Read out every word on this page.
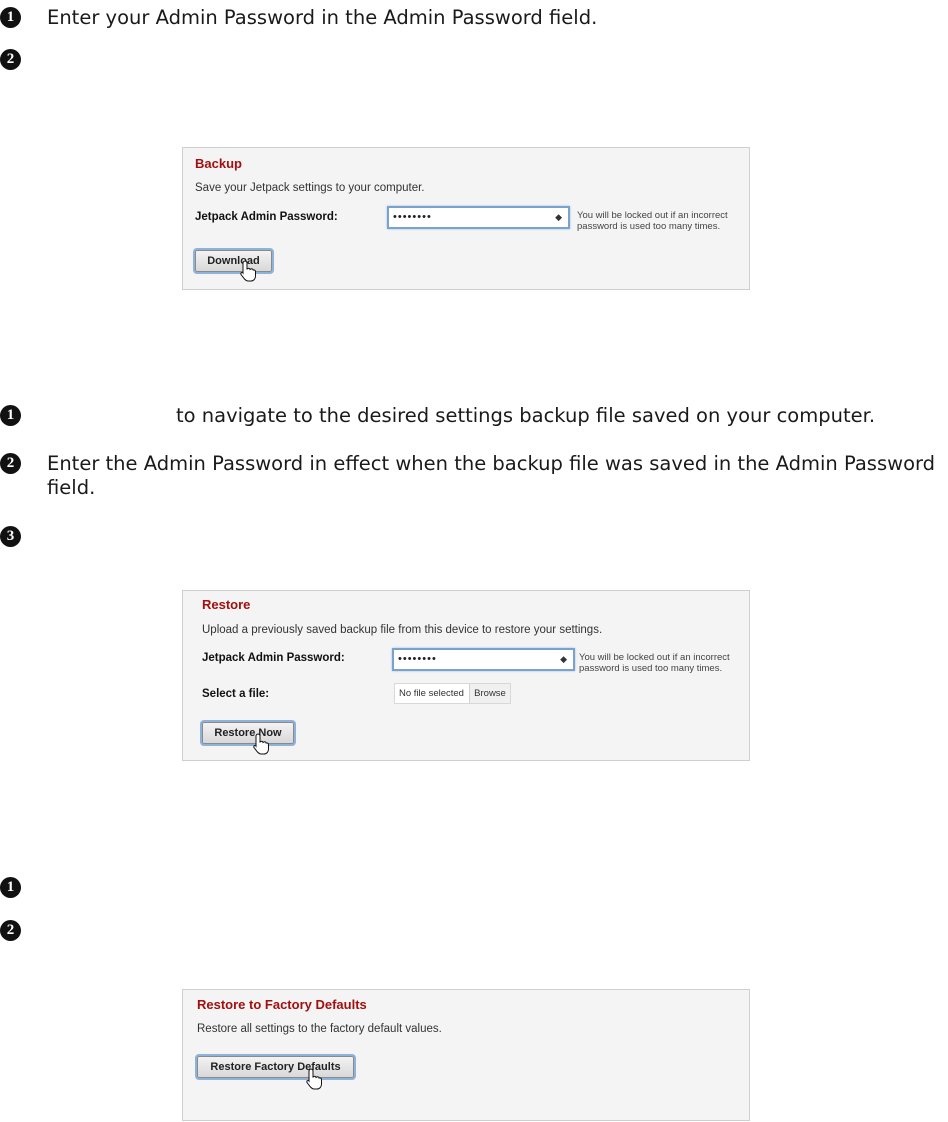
1	Enter your Admin Password in the Admin Password field.
2
Backup
Save your Jetpack settings to your computer.
Jetpack Admin Password:	••••••••	◆ You will be locked out if an incorrect password is used too many times.
Download
1	to navigate to the desired settings backup file saved on your computer.
2	Enter the Admin Password in effect when the backup file was saved in the Admin Password field.
3
Restore
Upload a previously saved backup file from this device to restore your settings.
Jetpack Admin Password:	••••••••	◆ You will be locked out if an incorrect password is used too many times.
Select a file:	No file selected	Browse
Restore Now
1
2
Restore to Factory Defaults
Restore all settings to the factory default values.
Restore Factory Defaults
